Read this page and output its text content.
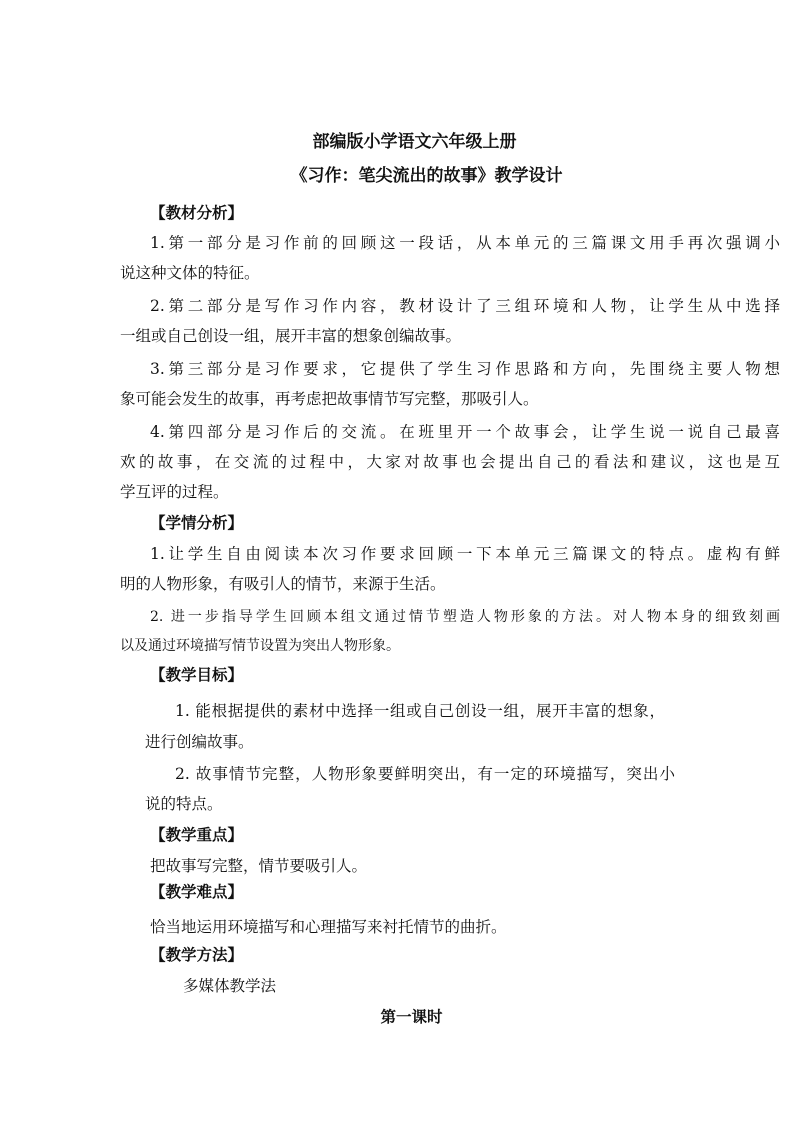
部编版小学语文六年级上册
《习作：笔尖流出的故事》教学设计
【教材分析】
1.第一部分是习作前的回顾这一段话，从本单元的三篇课文用手再次强调小
说这种文体的特征。
2.第二部分是写作习作内容，教材设计了三组环境和人物，让学生从中选择
一组或自己创设一组，展开丰富的想象创编故事。
3.第三部分是习作要求，它提供了学生习作思路和方向，先围绕主要人物想
象可能会发生的故事，再考虑把故事情节写完整，那吸引人。
4.第四部分是习作后的交流。在班里开一个故事会，让学生说一说自己最喜
欢的故事，在交流的过程中，大家对故事也会提出自己的看法和建议，这也是互
学互评的过程。
【学情分析】
1.让学生自由阅读本次习作要求回顾一下本单元三篇课文的特点。虚构有鲜
明的人物形象，有吸引人的情节，来源于生活。
2. 进一步指导学生回顾本组文通过情节塑造人物形象的方法。对人物本身的细致刻画
以及通过环境描写情节设置为突出人物形象。
【教学目标】
1. 能根据提供的素材中选择一组或自己创设一组，展开丰富的想象，
进行创编故事。
2. 故事情节完整，人物形象要鲜明突出，有一定的环境描写，突出小
说的特点。
【教学重点】
把故事写完整，情节要吸引人。
【教学难点】
恰当地运用环境描写和心理描写来衬托情节的曲折。
【教学方法】
多媒体教学法
第一课时
